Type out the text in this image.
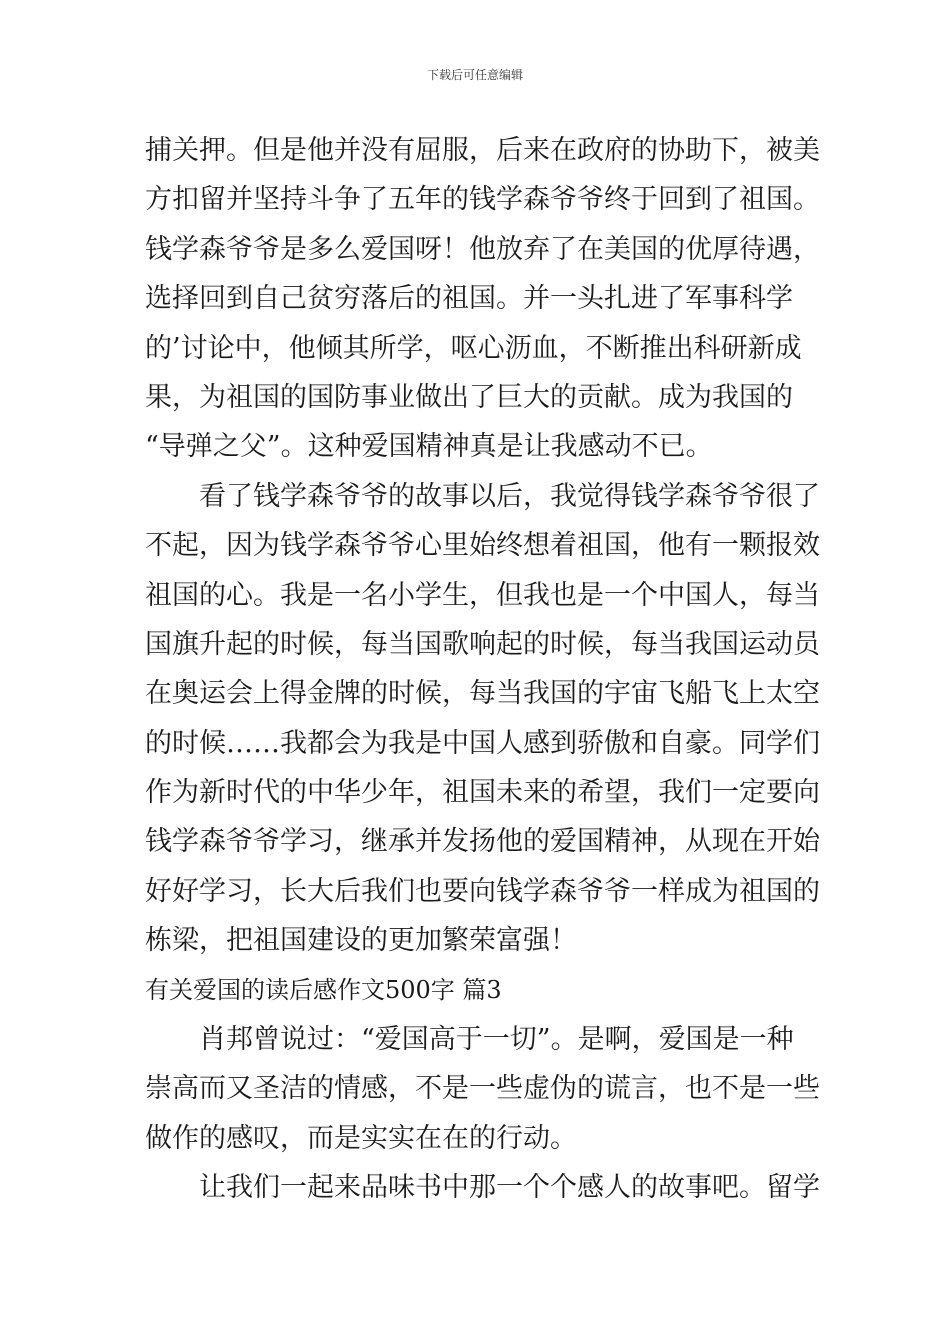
下载后可任意编辑
捕关押。但是他并没有屈服，后来在政府的协助下，被美
方扣留并坚持斗争了五年的钱学森爷爷终于回到了祖国。
钱学森爷爷是多么爱国呀！他放弃了在美国的优厚待遇，
选择回到自己贫穷落后的祖国。并一头扎进了军事科学
的’讨论中，他倾其所学，呕心沥血，不断推出科研新成
果，为祖国的国防事业做出了巨大的贡献。成为我国的
“导弹之父”。这种爱国精神真是让我感动不已。
看了钱学森爷爷的故事以后，我觉得钱学森爷爷很了
不起，因为钱学森爷爷心里始终想着祖国，他有一颗报效
祖国的心。我是一名小学生，但我也是一个中国人，每当
国旗升起的时候，每当国歌响起的时候，每当我国运动员
在奥运会上得金牌的时候，每当我国的宇宙飞船飞上太空
的时候……我都会为我是中国人感到骄傲和自豪。同学们
作为新时代的中华少年，祖国未来的希望，我们一定要向
钱学森爷爷学习，继承并发扬他的爱国精神，从现在开始
好好学习，长大后我们也要向钱学森爷爷一样成为祖国的
栋梁，把祖国建设的更加繁荣富强！
有关爱国的读后感作文500字 篇3
肖邦曾说过：“爱国高于一切”。是啊，爱国是一种
崇高而又圣洁的情感，不是一些虚伪的谎言，也不是一些
做作的感叹，而是实实在在的行动。
让我们一起来品味书中那一个个感人的故事吧。留学
